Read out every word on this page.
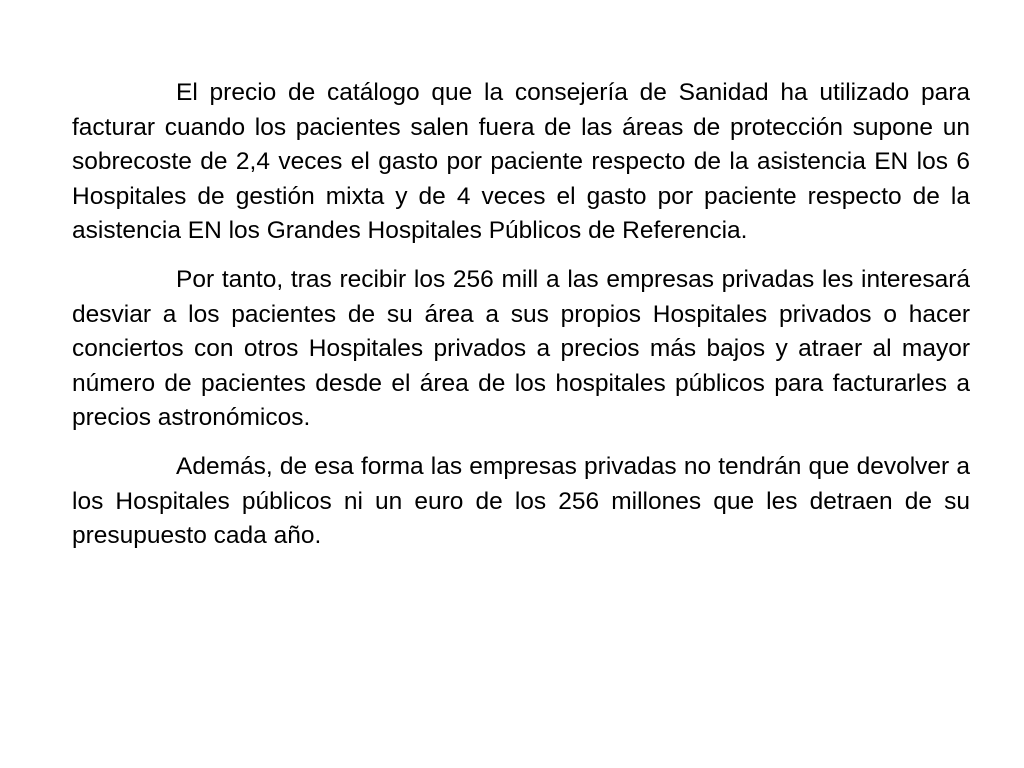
El precio de catálogo que la consejería de Sanidad ha utilizado para facturar cuando los pacientes salen fuera de las áreas de protección supone un sobrecoste de 2,4 veces el gasto por paciente respecto de la asistencia EN los 6 Hospitales de gestión mixta y de 4 veces el gasto por paciente respecto de la asistencia EN los Grandes Hospitales Públicos de Referencia.

Por tanto, tras recibir los 256 mill a las empresas privadas les interesará desviar a los pacientes de su área a sus propios Hospitales privados o hacer conciertos con otros Hospitales privados a precios más bajos y atraer al mayor número de pacientes desde el área de los hospitales públicos para facturarles a precios astronómicos.

Además, de esa forma las empresas privadas no tendrán que devolver a los Hospitales públicos ni un euro de los 256 millones que les detraen de su presupuesto cada año.
